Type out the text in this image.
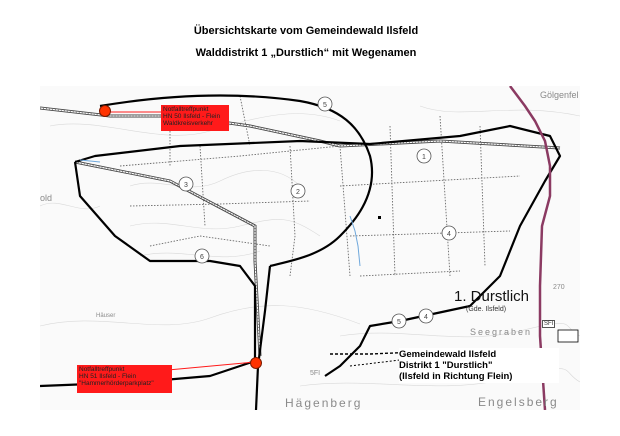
Übersichtskarte vom Gemeindewald Ilsfeld
Walddistrikt 1 „Durstlich“ mit Wegenamen
1
2
3
4
4
5
5
6
Notfalltreffpunkt
HN 50 Ilsfeld - Flein
Waldkreisverkehr
Notfalltreffpunkt
HN 51 Ilsfeld - Flein
"Hammerhörderparkplatz"
Gölgenfel
old
Häuser
Seegraben
Hägenberg	Engelsberg
5FI
270
SFI
1. Durstlich
(Gde. Ilsfeld)
Gemeindewald Ilsfeld
Distrikt 1 "Durstlich"
(Ilsfeld in Richtung Flein)
